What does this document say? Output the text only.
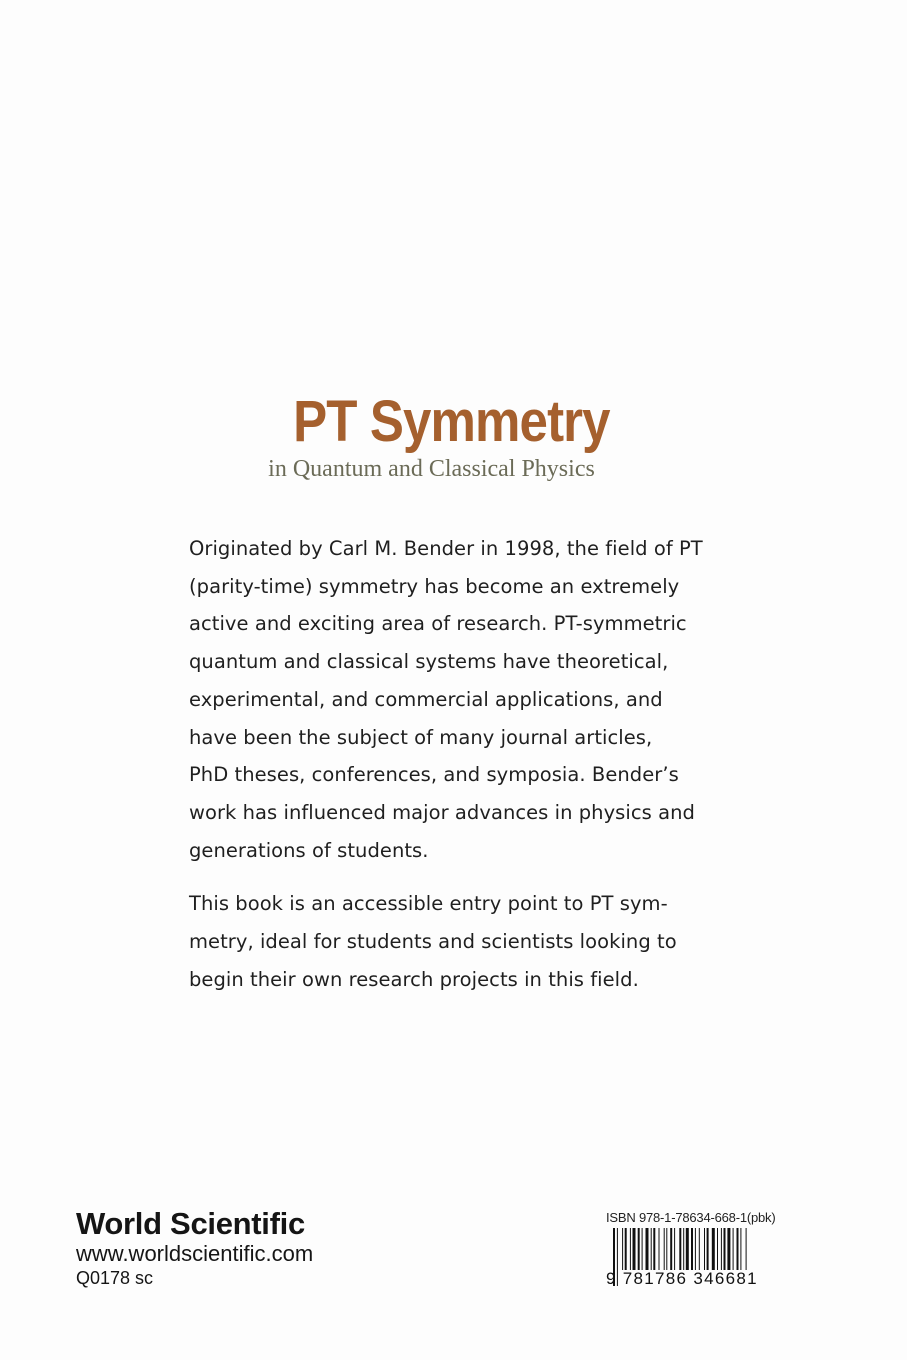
PT Symmetry
in Quantum and Classical Physics

Originated by Carl M. Bender in 1998, the field of PT
(parity-time) symmetry has become an extremely
active and exciting area of research. PT-symmetric
quantum and classical systems have theoretical,
experimental, and commercial applications, and
have been the subject of many journal articles,
PhD theses, conferences, and symposia. Bender’s
work has influenced major advances in physics and
generations of students.

This book is an accessible entry point to PT sym-
metry, ideal for students and scientists looking to
begin their own research projects in this field.

World Scientific
www.worldscientific.com
Q0178 sc
ISBN 978-1-78634-668-1(pbk)
9 781786 346681
